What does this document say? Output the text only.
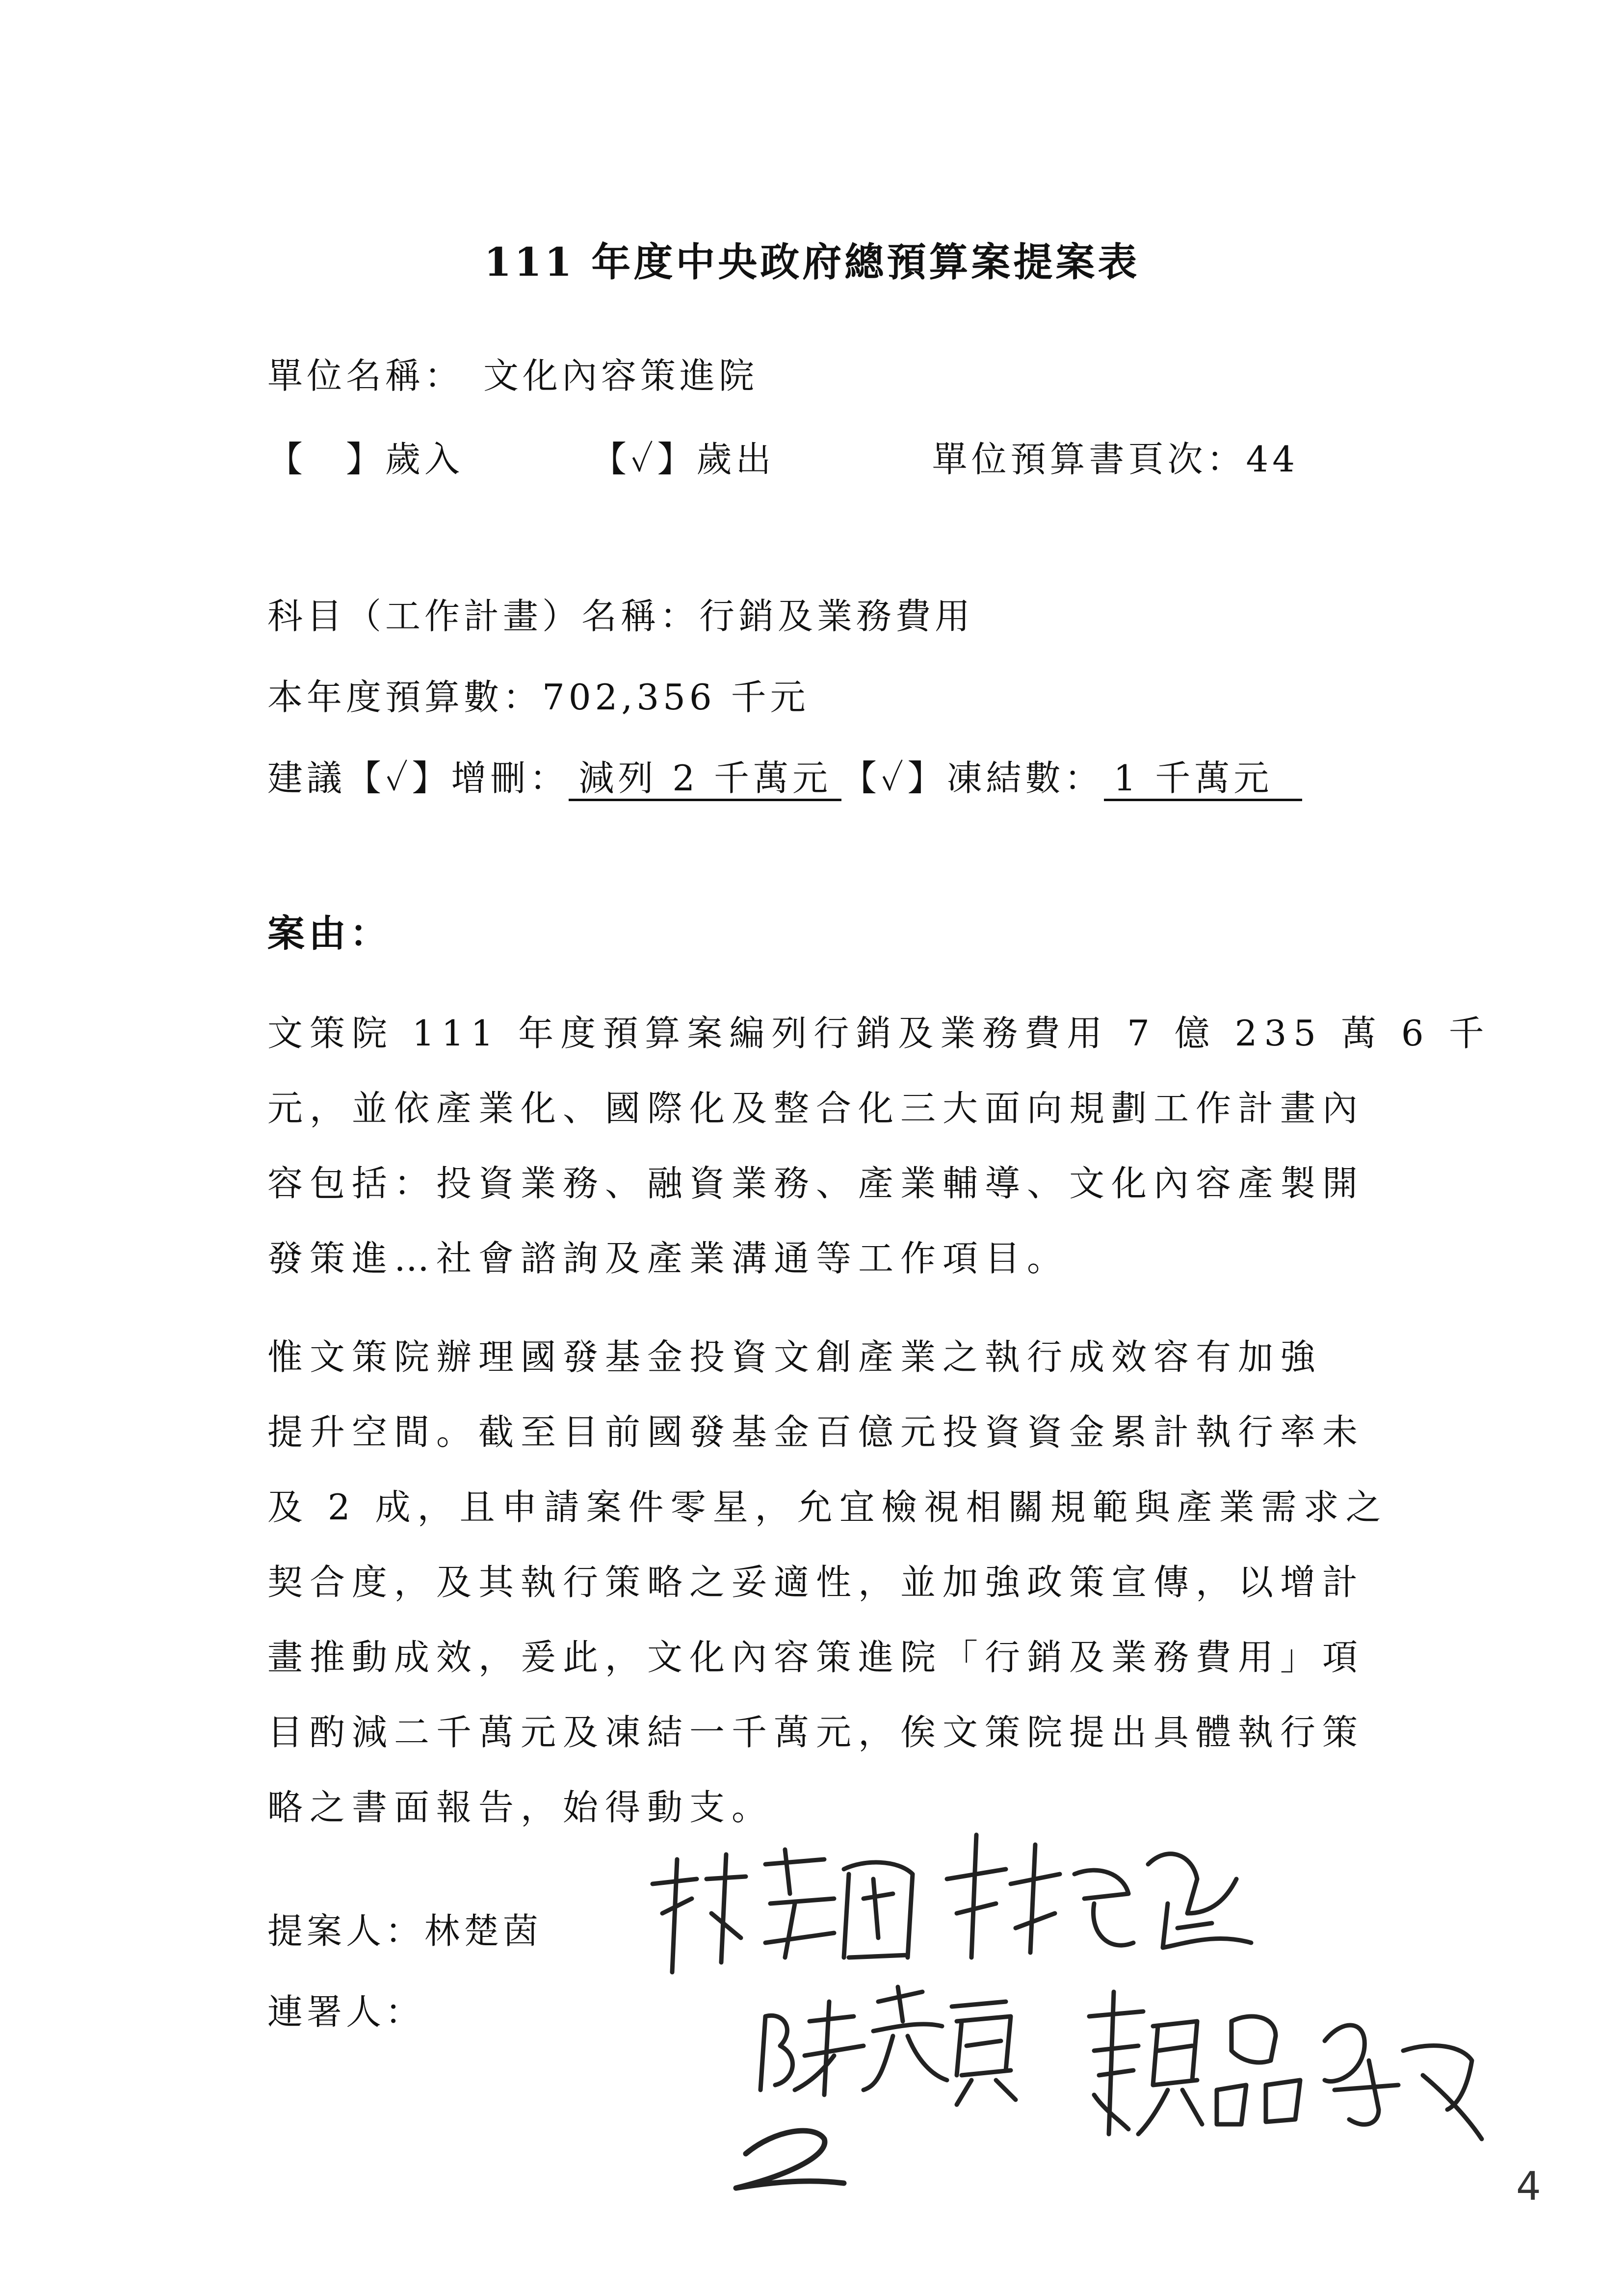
111 年度中央政府總預算案提案表
單位名稱： 文化內容策進院
【　】歲入	【✓】歲出	單位預算書頁次：44
科目（工作計畫）名稱：行銷及業務費用
本年度預算數：702,356 千元
建議【✓】增刪： 減列 2 千萬元 【✓】凍結數： 1 千萬元
案由：
文策院 111 年度預算案編列行銷及業務費用 7 億 235 萬 6 千
元，並依產業化、國際化及整合化三大面向規劃工作計畫內
容包括：投資業務、融資業務、產業輔導、文化內容產製開
發策進…社會諮詢及產業溝通等工作項目。
惟文策院辦理國發基金投資文創產業之執行成效容有加強
提升空間。截至目前國發基金百億元投資資金累計執行率未
及 2 成，且申請案件零星，允宜檢視相關規範與產業需求之
契合度，及其執行策略之妥適性，並加強政策宣傳，以增計
畫推動成效，爰此，文化內容策進院「行銷及業務費用」項
目酌減二千萬元及凍結一千萬元，俟文策院提出具體執行策
略之書面報告，始得動支。
提案人：林楚茵
連署人：
4
